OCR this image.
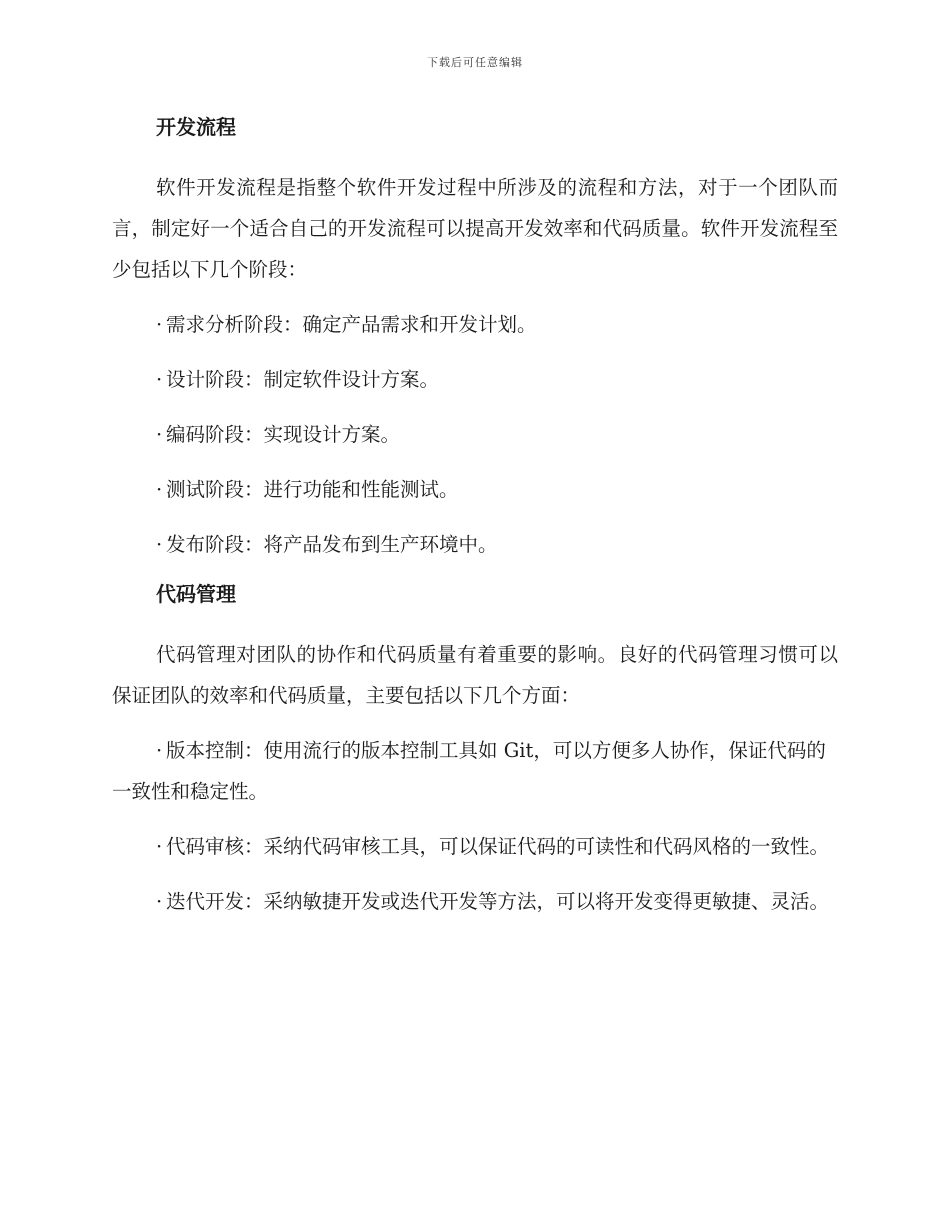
下载后可任意编辑
开发流程

软件开发流程是指整个软件开发过程中所涉及的流程和方法，对于一个团队而言，制定好一个适合自己的开发流程可以提高开发效率和代码质量。软件开发流程至少包括以下几个阶段：

· 需求分析阶段：确定产品需求和开发计划。

· 设计阶段：制定软件设计方案。

· 编码阶段：实现设计方案。

· 测试阶段：进行功能和性能测试。

· 发布阶段：将产品发布到生产环境中。

代码管理

代码管理对团队的协作和代码质量有着重要的影响。良好的代码管理习惯可以保证团队的效率和代码质量，主要包括以下几个方面：

· 版本控制：使用流行的版本控制工具如 Git，可以方便多人协作，保证代码的一致性和稳定性。

· 代码审核：采纳代码审核工具，可以保证代码的可读性和代码风格的一致性。

· 迭代开发：采纳敏捷开发或迭代开发等方法，可以将开发变得更敏捷、灵活。
